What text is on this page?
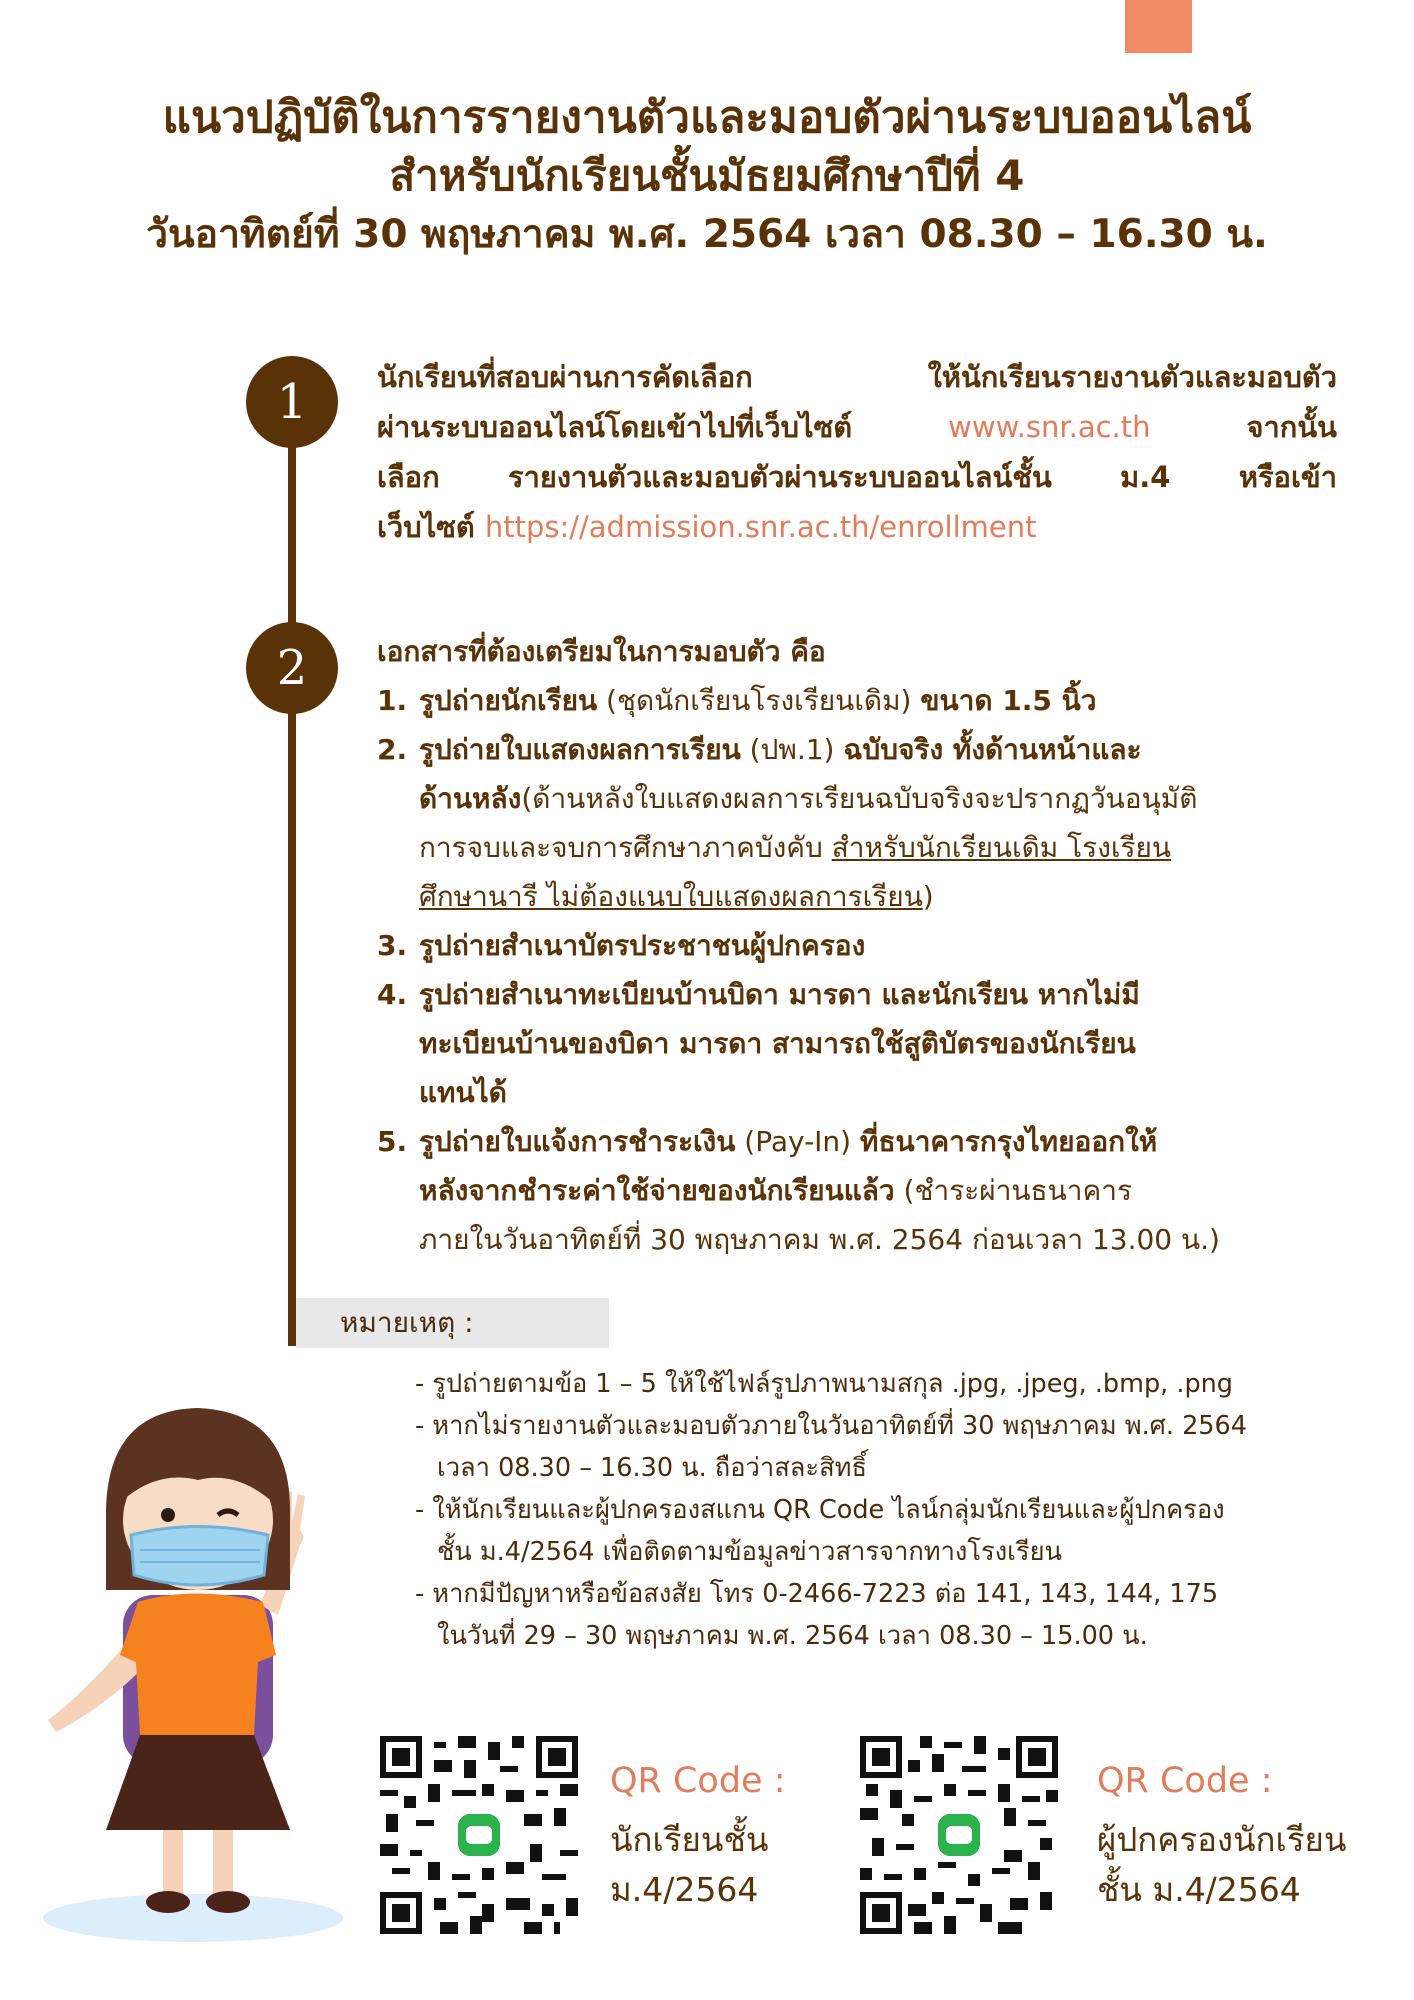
แนวปฏิบัติในการรายงานตัวและมอบตัวผ่านระบบออนไลน์
สำหรับนักเรียนชั้นมัธยมศึกษาปีที่ 4
วันอาทิตย์ที่ 30 พฤษภาคม พ.ศ. 2564 เวลา 08.30 – 16.30 น.
1
2
นักเรียนที่สอบผ่านการคัดเลือก	ให้นักเรียนรายงานตัวและมอบตัว
ผ่านระบบออนไลน์โดยเข้าไปที่เว็บไซต์	www.snr.ac.th	จากนั้น
เลือก รายงานตัวและมอบตัวผ่านระบบออนไลน์ชั้น ม.4 หรือเข้า
เว็บไซต์
https://admission.snr.ac.th/enrollment
เอกสารที่ต้องเตรียมในการมอบตัว คือ
1. รูปถ่ายนักเรียน (ชุดนักเรียนโรงเรียนเดิม) ขนาด 1.5 นิ้ว
2. รูปถ่ายใบแสดงผลการเรียน (ปพ.1) ฉบับจริง ทั้งด้านหน้าและ
ด้านหลัง(ด้านหลังใบแสดงผลการเรียนฉบับจริงจะปรากฏวันอนุมัติ
การจบและจบการศึกษาภาคบังคับ สำหรับนักเรียนเดิม โรงเรียน
ศึกษานารี ไม่ต้องแนบใบแสดงผลการเรียน)
3. รูปถ่ายสำเนาบัตรประชาชนผู้ปกครอง
4. รูปถ่ายสำเนาทะเบียนบ้านบิดา มารดา และนักเรียน หากไม่มี
ทะเบียนบ้านของบิดา มารดา สามารถใช้สูติบัตรของนักเรียน
แทนได้
5. รูปถ่ายใบแจ้งการชำระเงิน (Pay-In) ที่ธนาคารกรุงไทยออกให้
หลังจากชำระค่าใช้จ่ายของนักเรียนแล้ว (ชำระผ่านธนาคาร
ภายในวันอาทิตย์ที่ 30 พฤษภาคม พ.ศ. 2564 ก่อนเวลา 13.00 น.)
หมายเหตุ :
- รูปถ่ายตามข้อ 1 – 5 ให้ใช้ไฟล์รูปภาพนามสกุล .jpg, .jpeg, .bmp, .png
- หากไม่รายงานตัวและมอบตัวภายในวันอาทิตย์ที่ 30 พฤษภาคม พ.ศ. 2564
เวลา 08.30 – 16.30 น. ถือว่าสละสิทธิ์
- ให้นักเรียนและผู้ปกครองสแกน QR Code ไลน์กลุ่มนักเรียนและผู้ปกครอง
ชั้น ม.4/2564 เพื่อติดตามข้อมูลข่าวสารจากทางโรงเรียน
- หากมีปัญหาหรือข้อสงสัย โทร 0-2466-7223 ต่อ 141, 143, 144, 175
ในวันที่ 29 – 30 พฤษภาคม พ.ศ. 2564 เวลา 08.30 – 15.00 น.
QR Code :
นักเรียนชั้น
ม.4/2564
QR Code :
ผู้ปกครองนักเรียน
ชั้น ม.4/2564
